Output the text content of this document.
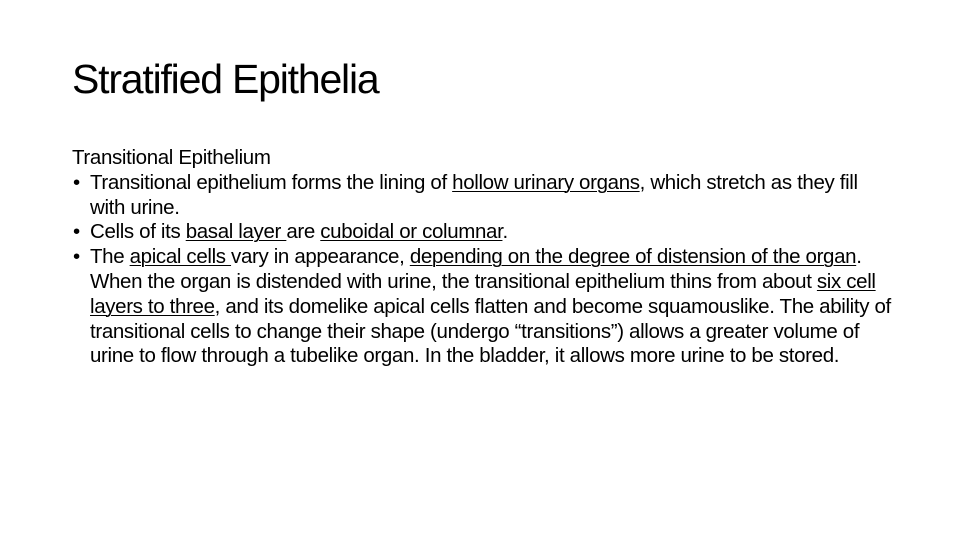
Stratified Epithelia

Transitional Epithelium

• Transitional epithelium forms the lining of hollow urinary organs, which stretch as they fill with urine.

• Cells of its basal layer are cuboidal or columnar.

• The apical cells vary in appearance, depending on the degree of distension of the organ. When the organ is distended with urine, the transitional epithelium thins from about six cell layers to three, and its domelike apical cells flatten and become squamouslike. The ability of transitional cells to change their shape (undergo “transitions”) allows a greater volume of urine to flow through a tubelike organ. In the bladder, it allows more urine to be stored.
